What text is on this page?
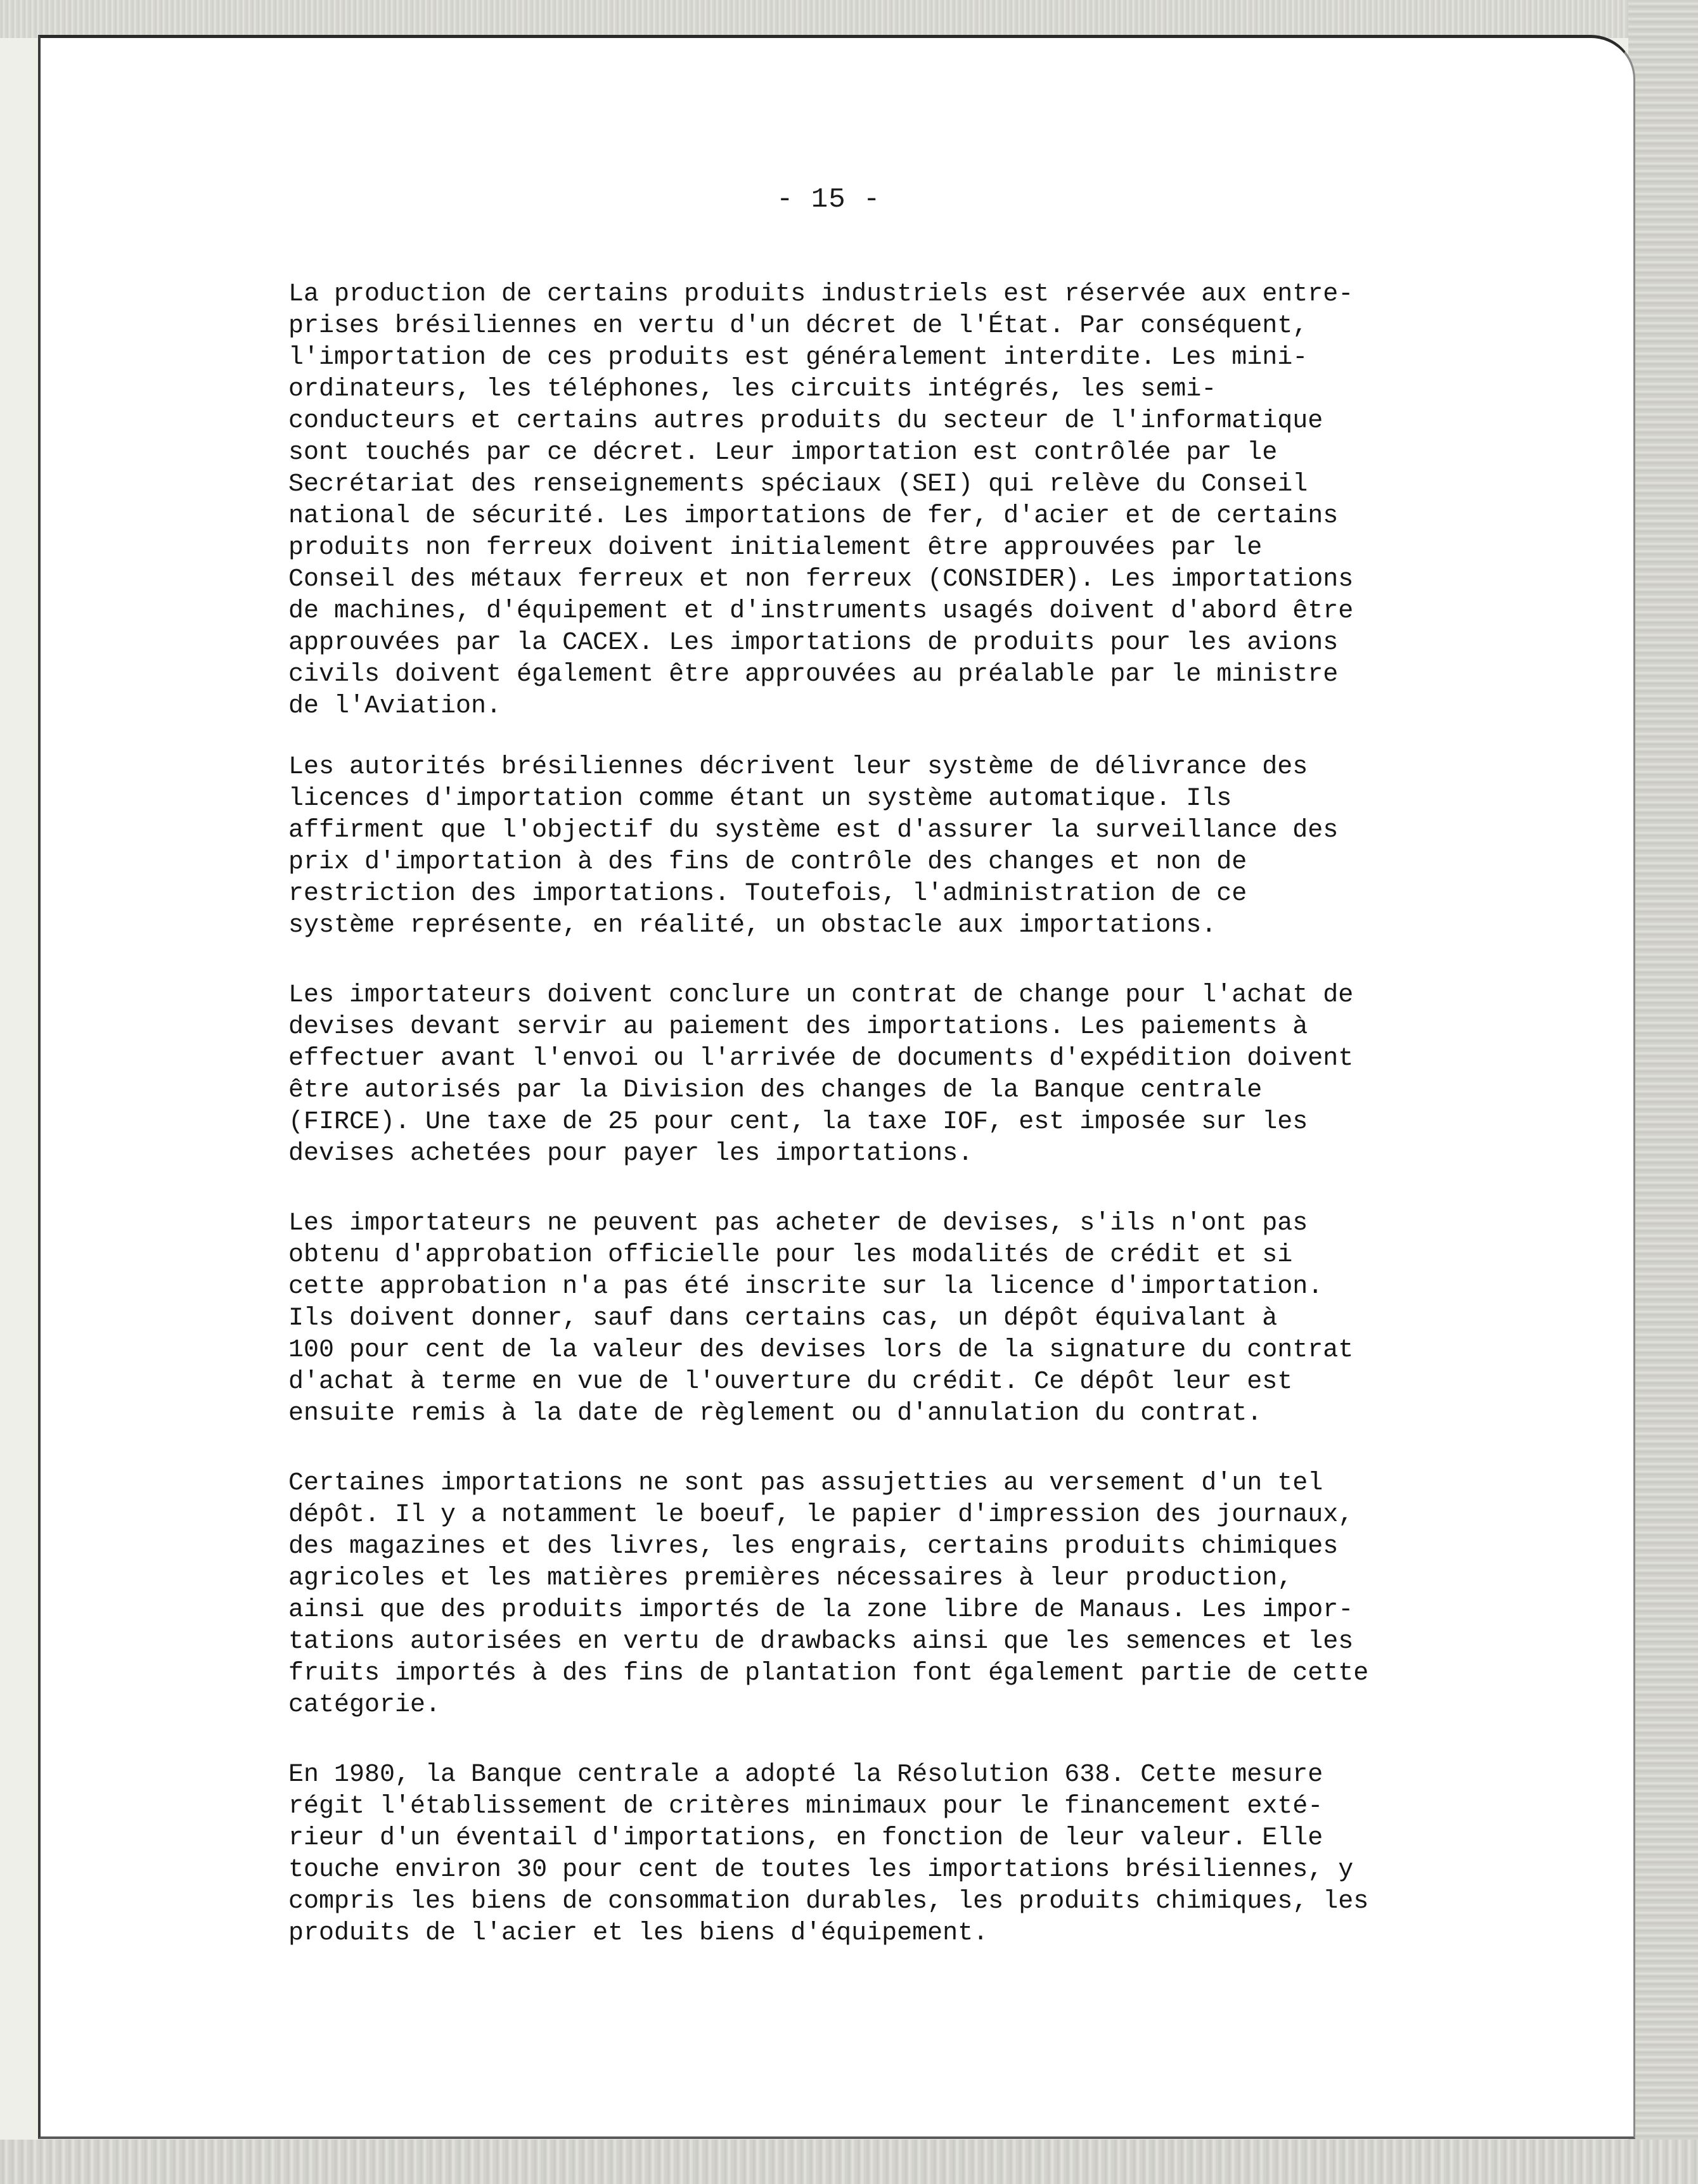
- 15 -
La production de certains produits industriels est réservée aux entre-
prises brésiliennes en vertu d'un décret de l'État. Par conséquent,
l'importation de ces produits est généralement interdite. Les mini-
ordinateurs, les téléphones, les circuits intégrés, les semi-
conducteurs et certains autres produits du secteur de l'informatique
sont touchés par ce décret. Leur importation est contrôlée par le
Secrétariat des renseignements spéciaux (SEI) qui relève du Conseil
national de sécurité. Les importations de fer, d'acier et de certains
produits non ferreux doivent initialement être approuvées par le
Conseil des métaux ferreux et non ferreux (CONSIDER). Les importations
de machines, d'équipement et d'instruments usagés doivent d'abord être
approuvées par la CACEX. Les importations de produits pour les avions
civils doivent également être approuvées au préalable par le ministre
de l'Aviation.
Les autorités brésiliennes décrivent leur système de délivrance des
licences d'importation comme étant un système automatique. Ils
affirment que l'objectif du système est d'assurer la surveillance des
prix d'importation à des fins de contrôle des changes et non de
restriction des importations. Toutefois, l'administration de ce
système représente, en réalité, un obstacle aux importations.
Les importateurs doivent conclure un contrat de change pour l'achat de
devises devant servir au paiement des importations. Les paiements à
effectuer avant l'envoi ou l'arrivée de documents d'expédition doivent
être autorisés par la Division des changes de la Banque centrale
(FIRCE). Une taxe de 25 pour cent, la taxe IOF, est imposée sur les
devises achetées pour payer les importations.
Les importateurs ne peuvent pas acheter de devises, s'ils n'ont pas
obtenu d'approbation officielle pour les modalités de crédit et si
cette approbation n'a pas été inscrite sur la licence d'importation.
Ils doivent donner, sauf dans certains cas, un dépôt équivalant à
100 pour cent de la valeur des devises lors de la signature du contrat
d'achat à terme en vue de l'ouverture du crédit. Ce dépôt leur est
ensuite remis à la date de règlement ou d'annulation du contrat.
Certaines importations ne sont pas assujetties au versement d'un tel
dépôt. Il y a notamment le boeuf, le papier d'impression des journaux,
des magazines et des livres, les engrais, certains produits chimiques
agricoles et les matières premières nécessaires à leur production,
ainsi que des produits importés de la zone libre de Manaus. Les impor-
tations autorisées en vertu de drawbacks ainsi que les semences et les
fruits importés à des fins de plantation font également partie de cette
catégorie.
En 1980, la Banque centrale a adopté la Résolution 638. Cette mesure
régit l'établissement de critères minimaux pour le financement exté-
rieur d'un éventail d'importations, en fonction de leur valeur. Elle
touche environ 30 pour cent de toutes les importations brésiliennes, y
compris les biens de consommation durables, les produits chimiques, les
produits de l'acier et les biens d'équipement.
